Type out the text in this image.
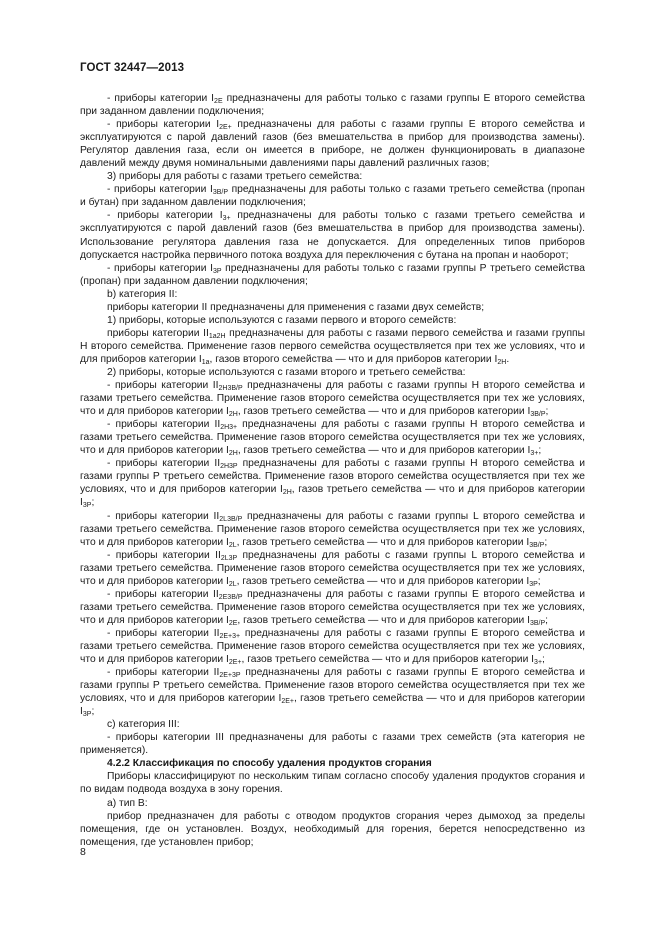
ГОСТ 32447—2013

- приборы категории $I_{2E}$ предназначены для работы только с газами группы Е второго семейства при заданном давлении подключения;

- приборы категории $I_{2E+}$ предназначены для работы с газами группы Е второго семейства и эксплуатируются с парой давлений газов (без вмешательства в прибор для производства замены). Регулятор давления газа, если он имеется в приборе, не должен функционировать в диапазоне давлений между двумя номинальными давлениями пары давлений различных газов;

3) приборы для работы с газами третьего семейства:

- приборы категории $I_{3B/P}$ предназначены для работы только с газами третьего семейства (пропан и бутан) при заданном давлении подключения;

- приборы категории $I_{3+}$ предназначены для работы только с газами третьего семейства и эксплуатируются с парой давлений газов (без вмешательства в прибор для производства замены). Использование регулятора давления газа не допускается. Для определенных типов приборов допускается настройка первичного потока воздуха для переключения с бутана на пропан и наоборот;

- приборы категории $I_{3P}$ предназначены для работы только с газами группы Р третьего семейства (пропан) при заданном давлении подключения;

b) категория II:

приборы категории II предназначены для применения с газами двух семейств;

1) приборы, которые используются с газами первого и второго семейств:

приборы категории $II_{1a2H}$ предназначены для работы с газами первого семейства и газами группы Н второго семейства. Применение газов первого семейства осуществляется при тех же условиях, что и для приборов категории $I_{1a}$, газов второго семейства — что и для приборов категории $I_{2H}$.

2) приборы, которые используются с газами второго и третьего семейства:

- приборы категории $II_{2H3B/P}$ предназначены для работы с газами группы Н второго семейства и газами третьего семейства. Применение газов второго семейства осуществляется при тех же условиях, что и для приборов категории $I_{2H}$, газов третьего семейства — что и для приборов категории $I_{3B/P}$;

- приборы категории $II_{2H3+}$ предназначены для работы с газами группы Н второго семейства и газами третьего семейства. Применение газов второго семейства осуществляется при тех же условиях, что и для приборов категории $I_{2H}$, газов третьего семейства — что и для приборов категории $I_{3+}$;

- приборы категории $II_{2H3P}$ предназначены для работы с газами группы Н второго семейства и газами группы Р третьего семейства. Применение газов второго семейства осуществляется при тех же условиях, что и для приборов категории $I_{2H}$, газов третьего семейства — что и для приборов категории $I_{3P}$;

- приборы категории $II_{2L3B/P}$ предназначены для работы с газами группы L второго семейства и газами третьего семейства. Применение газов второго семейства осуществляется при тех же условиях, что и для приборов категории $I_{2L}$, газов третьего семейства — что и для приборов категории $I_{3B/P}$;

- приборы категории $II_{2L3P}$ предназначены для работы с газами группы L второго семейства и газами третьего семейства. Применение газов второго семейства осуществляется при тех же условиях, что и для приборов категории $I_{2L}$, газов третьего семейства — что и для приборов категории $I_{3P}$;

- приборы категории $II_{2E3B/P}$ предназначены для работы с газами группы Е второго семейства и газами третьего семейства. Применение газов второго семейства осуществляется при тех же условиях, что и для приборов категории $I_{2E}$, газов третьего семейства — что и для приборов категории $I_{3B/P}$;

- приборы категории $II_{2E+3+}$ предназначены для работы с газами группы Е второго семейства и газами третьего семейства. Применение газов второго семейства осуществляется при тех же условиях, что и для приборов категории $I_{2E+}$, газов третьего семейства — что и для приборов категории $I_{3+}$;

- приборы категории $II_{2E+3P}$ предназначены для работы с газами группы Е второго семейства и газами группы Р третьего семейства. Применение газов второго семейства осуществляется при тех же условиях, что и для приборов категории $I_{2E+}$, газов третьего семейства — что и для приборов категории $I_{3P}$;

c) категория III:

- приборы категории III предназначены для работы с газами трех семейств (эта категория не применяется).

4.2.2 Классификация по способу удаления продуктов сгорания

Приборы классифицируют по нескольким типам согласно способу удаления продуктов сгорания и по видам подвода воздуха в зону горения.

а) тип В:

прибор предназначен для работы с отводом продуктов сгорания через дымоход за пределы помещения, где он установлен. Воздух, необходимый для горения, берется непосредственно из помещения, где установлен прибор;

8
